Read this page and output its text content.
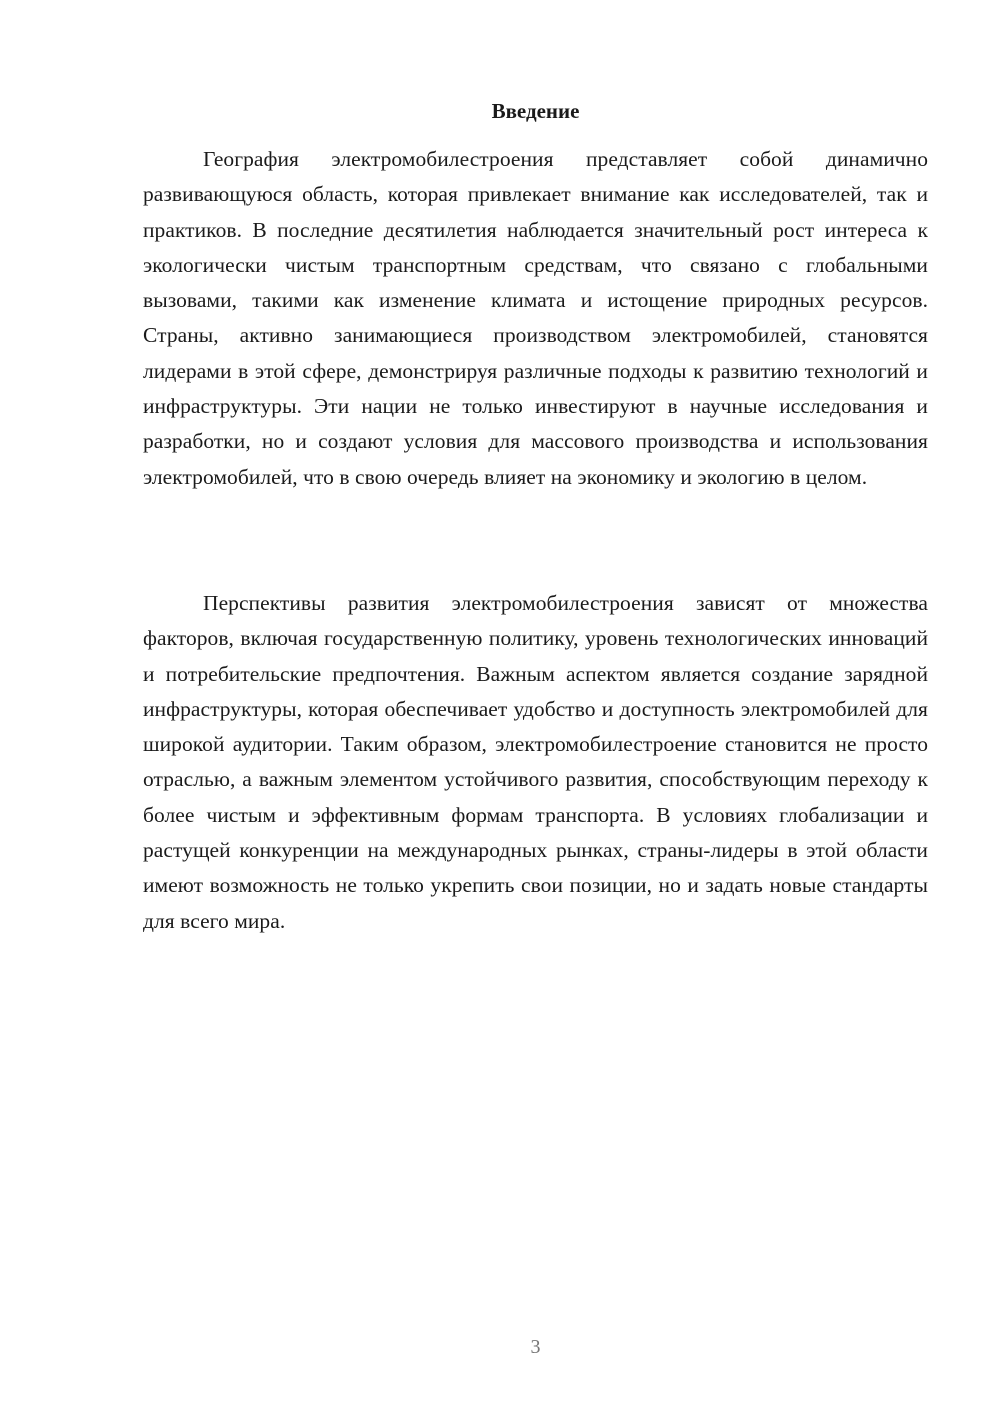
Введение

География электромобилестроения представляет собой динамично развивающуюся область, которая привлекает внимание как исследователей, так и практиков. В последние десятилетия наблюдается значительный рост интереса к экологически чистым транспортным средствам, что связано с глобальными вызовами, такими как изменение климата и истощение природных ресурсов. Страны, активно занимающиеся производством электромобилей, становятся лидерами в этой сфере, демонстрируя различные подходы к развитию технологий и инфраструктуры. Эти нации не только инвестируют в научные исследования и разработки, но и создают условия для массового производства и использования электромобилей, что в свою очередь влияет на экономику и экологию в целом.

Перспективы развития электромобилестроения зависят от множества факторов, включая государственную политику, уровень технологических инноваций и потребительские предпочтения. Важным аспектом является создание зарядной инфраструктуры, которая обеспечивает удобство и доступность электромобилей для широкой аудитории. Таким образом, электромобилестроение становится не просто отраслью, а важным элементом устойчивого развития, способствующим переходу к более чистым и эффективным формам транспорта. В условиях глобализации и растущей конкуренции на международных рынках, страны-лидеры в этой области имеют возможность не только укрепить свои позиции, но и задать новые стандарты для всего мира.

3
